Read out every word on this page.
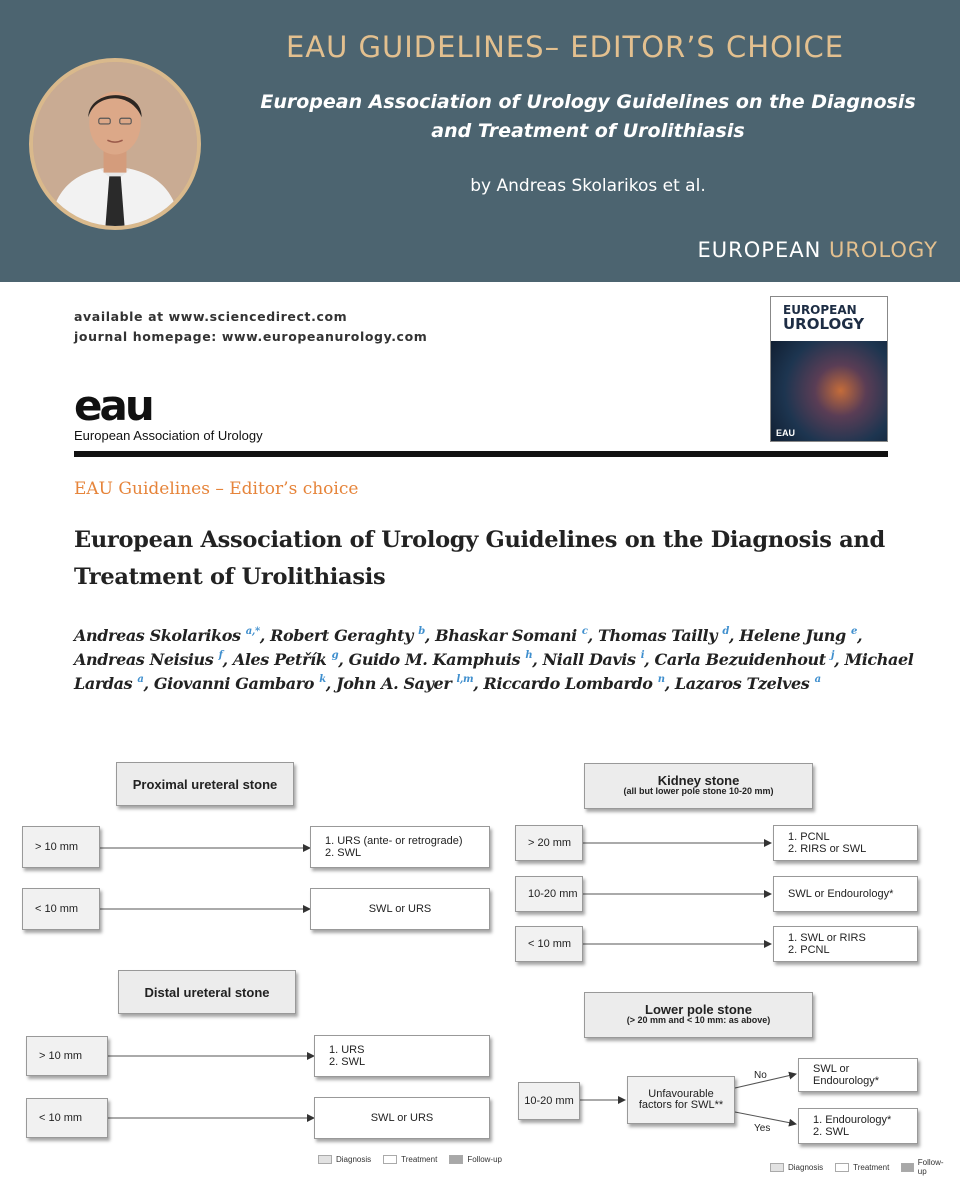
EAU GUIDELINES– EDITOR’S CHOICE
European Association of Urology Guidelines on the Diagnosis and Treatment of Urolithiasis
by Andreas Skolarikos et al.
EUROPEAN UROLOGY
available at www.sciencedirect.com
journal homepage: www.europeanurology.com
eau
European Association of Urology
EUROPEAN
UROLOGY
EAU
EAU Guidelines – Editor’s choice
European Association of Urology Guidelines on the Diagnosis and Treatment of Urolithiasis
Andreas Skolarikos $^{a,*}$, Robert Geraghty $^b$, Bhaskar Somani $^c$, Thomas Tailly $^d$, Helene Jung $^e$, Andreas Neisius $^f$, Ales Petřík $^g$, Guido M. Kamphuis $^h$, Niall Davis $^i$, Carla Bezuidenhout $^j$, Michael Lardas $^a$, Giovanni Gambaro $^k$, John A. Sayer $^{l,m}$, Riccardo Lombardo $^n$, Lazaros Tzelves $^a$
Proximal ureteral stone
> 10 mm	1. URS (ante- or retrograde)
2. SWL
< 10 mm	SWL or URS
Distal ureteral stone
> 10 mm	1. URS
2. SWL
< 10 mm	SWL or URS
Diagnosis	Treatment	Follow-up
Kidney stone
(all but lower pole stone 10-20 mm)
> 20 mm	1. PCNL
2. RIRS or SWL
10-20 mm	SWL or Endourology*
< 10 mm	1. SWL or RIRS
2. PCNL
Lower pole stone
(> 20 mm and < 10 mm: as above)
10-20 mm
Unfavourable
factors for SWL**
No
Yes
SWL or Endourology*
1. Endourology*
2. SWL
Diagnosis	Treatment	Follow-up
